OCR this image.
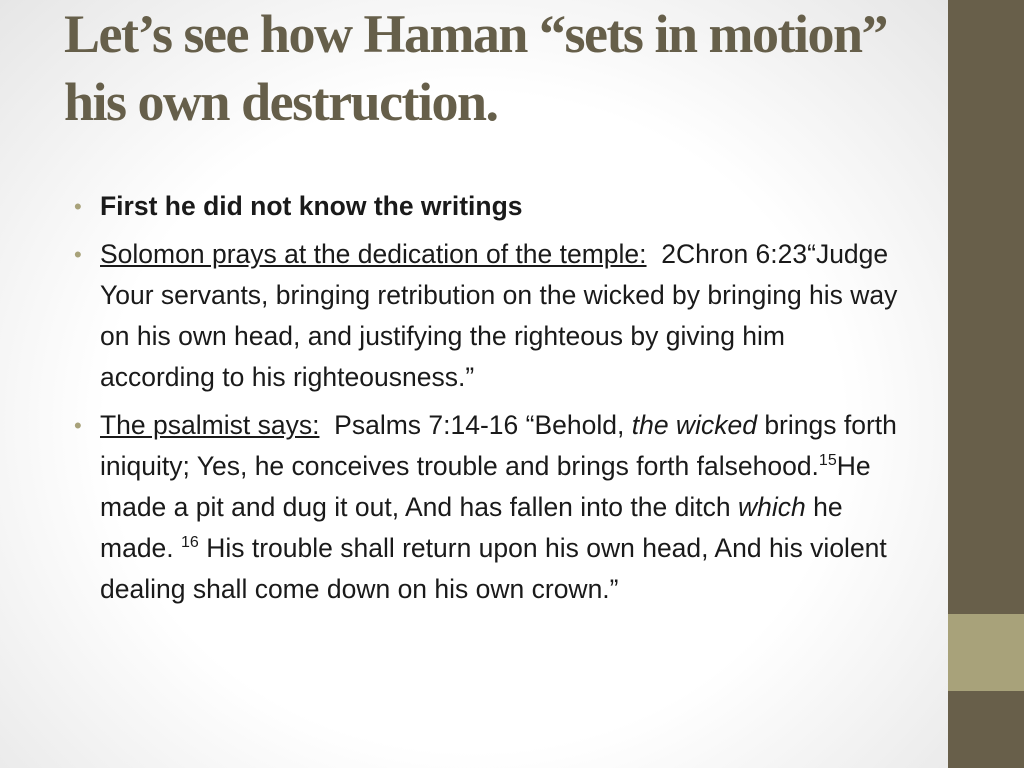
Let’s see how Haman “sets in motion” his own destruction.
• First he did not know the writings
• Solomon prays at the dedication of the temple: 2Chron 6:23“Judge Your servants, bringing retribution on the wicked by bringing his way on his own head, and justifying the righteous by giving him according to his righteousness.”
• The psalmist says: Psalms 7:14-16 “Behold, the wicked brings forth iniquity; Yes, he conceives trouble and brings forth falsehood.$^{15}$He made a pit and dug it out, And has fallen into the ditch which he made. $^{16}$ His trouble shall return upon his own head, And his violent dealing shall come down on his own crown.”
